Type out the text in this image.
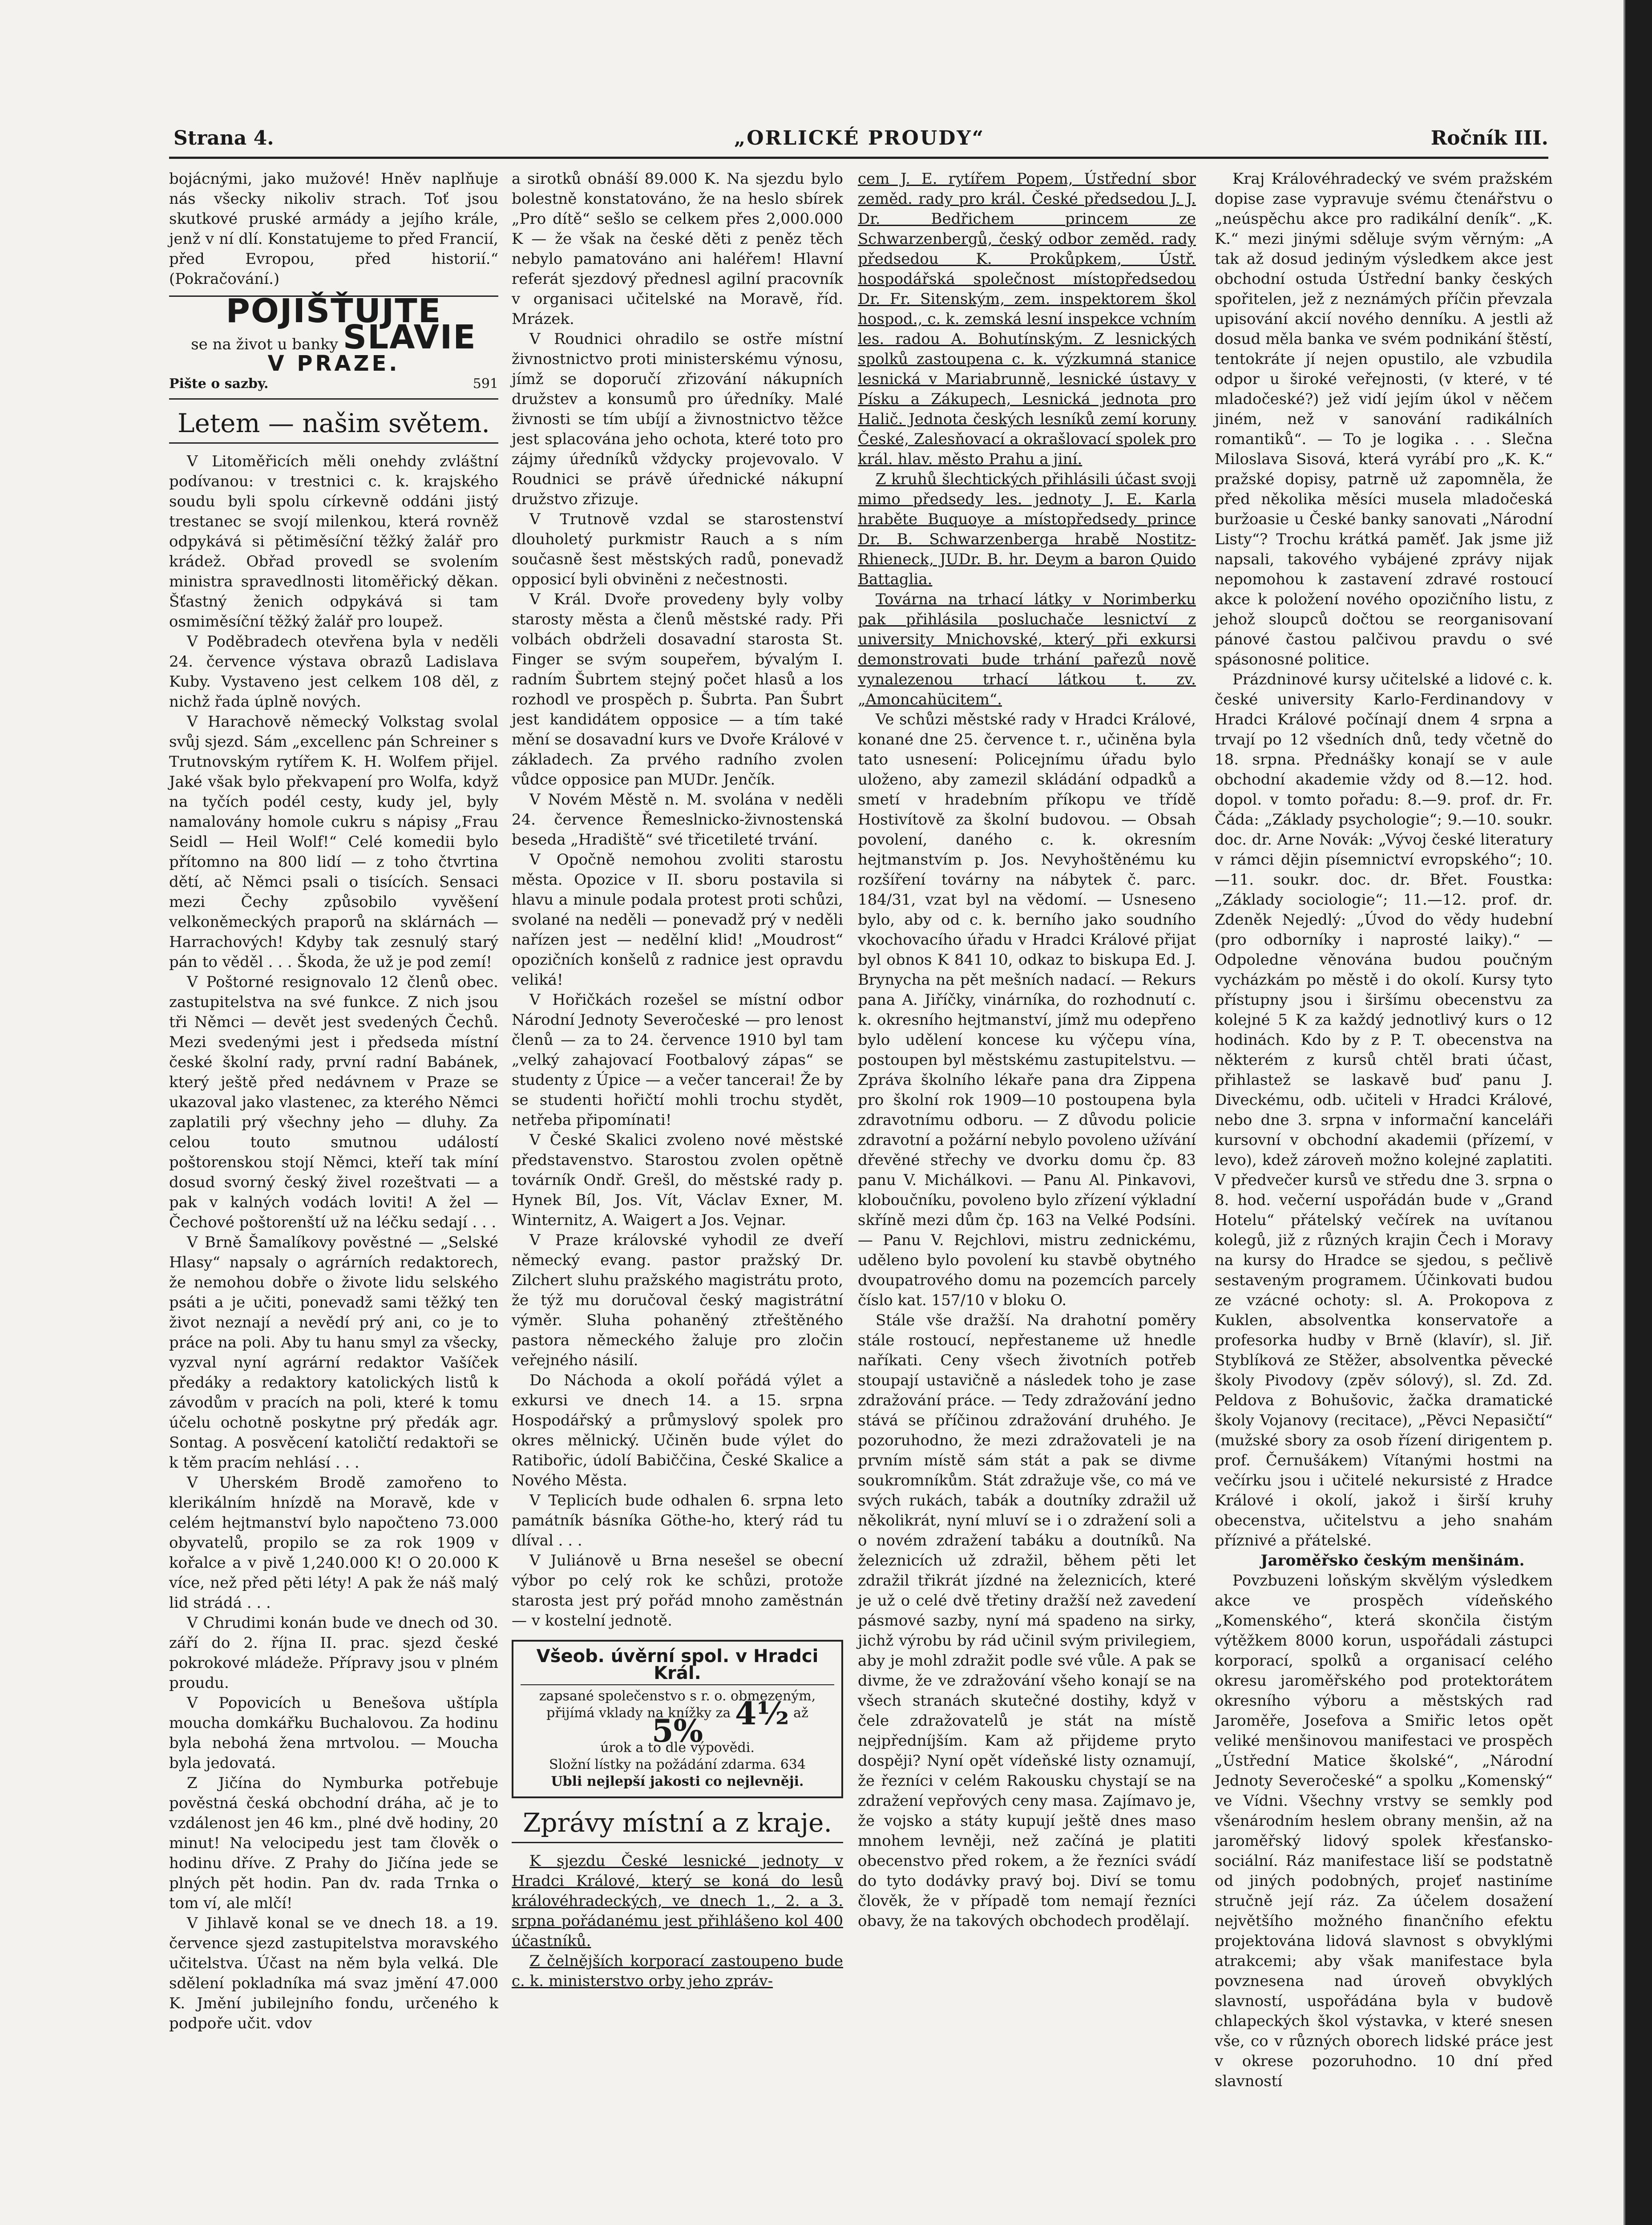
Strana 4.	„ORLICKÉ PROUDY“	Ročník III.

bojácnými, jako mužové! Hněv naplňuje nás všecky nikoliv strach. Toť jsou skutkové pruské armády a jejího krále, jenž v ní dlí. Konstatujeme to před Francií, před Evropou, před historií.“ (Pokračování.)

POJIŠŤUJTE se na život u banky SLAVIE
V PRAZE.
Pište o sazby.	591
Letem — našim světem.

V Litoměřicích měli onehdy zvláštní podívanou: v trestnici c. k. krajského soudu byli spolu církevně oddáni jistý trestanec se svojí milenkou, která rovněž odpykává si pětiměsíční těžký žalář pro krádež. Obřad provedl se svolením ministra spravedlnosti litoměřický děkan. Šťastný ženich odpykává si tam osmiměsíční těžký žalář pro loupež.

V Poděbradech otevřena byla v neděli 24. července výstava obrazů Ladislava Kuby. Vystaveno jest celkem 108 děl, z nichž řada úplně nových.

V Harachově německý Volkstag svolal svůj sjezd. Sám „excellenc pán Schreiner s Trutnovským rytířem K. H. Wolfem přijel. Jaké však bylo překvapení pro Wolfa, když na tyčích podél cesty, kudy jel, byly namalovány homole cukru s nápisy „Frau Seidl — Heil Wolf!“ Celé komedii bylo přítomno na 800 lidí — z toho čtvrtina dětí, ač Němci psali o tisících. Sensaci mezi Čechy způsobilo vyvěšení velkoněmeckých praporů na sklárnách — Harrachových! Kdyby tak zesnulý starý pán to věděl . . . Škoda, že už je pod zemí!

V Poštorné resignovalo 12 členů obec. zastupitelstva na své funkce. Z nich jsou tři Němci — devět jest svedených Čechů. Mezi svedenými jest i předseda místní české školní rady, první radní Babánek, který ještě před nedávnem v Praze se ukazoval jako vlastenec, za kterého Němci zaplatili prý všechny jeho — dluhy. Za celou touto smutnou událostí poštorenskou stojí Němci, kteří tak míní dosud svorný český živel rozeštvati — a pak v kalných vodách loviti! A žel — Čechové poštorenští už na léčku sedají . . .

V Brně Šamalíkovy pověstné — „Selské Hlasy“ napsaly o agrárních redaktorech, že nemohou dobře o živote lidu selského psáti a je učiti, ponevadž sami těžký ten život neznají a nevědí prý ani, co je to práce na poli. Aby tu hanu smyl za všecky, vyzval nyní agrární redaktor Vašíček předáky a redaktory katolických listů k závodům v pracích na poli, které k tomu účelu ochotně poskytne prý předák agr. Sontag. A posvěcení katoličtí redaktoři se k těm pracím nehlásí . . .

V Uherském Brodě zamořeno to klerikálním hnízdě na Moravě, kde v celém hejtmanství bylo napočteno 73.000 obyvatelů, propilo se za rok 1909 v kořalce a v pivě 1,240.000 K! O 20.000 K více, než před pěti léty! A pak že náš malý lid strádá . . .

V Chrudimi konán bude ve dnech od 30. září do 2. října II. prac. sjezd české pokrokové mládeže. Přípravy jsou v plném proudu.

V Popovicích u Benešova uštípla moucha domkářku Buchalovou. Za hodinu byla nebohá žena mrtvolou. — Moucha byla jedovatá.

Z Jičína do Nymburka potřebuje pověstná česká obchodní dráha, ač je to vzdálenost jen 46 km., plné dvě hodiny, 20 minut! Na velocipedu jest tam člověk o hodinu dříve. Z Prahy do Jičína jede se plných pět hodin. Pan dv. rada Trnka o tom ví, ale mlčí!

V Jihlavě konal se ve dnech 18. a 19. července sjezd zastupitelstva moravského učitelstva. Účast na něm byla velká. Dle sdělení pokladníka má svaz jmění 47.000 K. Jmění jubilejního fondu, určeného k podpoře učit. vdov

a sirotků obnáší 89.000 K. Na sjezdu bylo bolestně konstatováno, že na heslo sbírek „Pro dítě“ sešlo se celkem přes 2,000.000 K — že však na české děti z peněz těch nebylo pamatováno ani haléřem! Hlavní referát sjezdový přednesl agilní pracovník v organisaci učitelské na Moravě, říd. Mrázek.

V Roudnici ohradilo se ostře místní živnostnictvo proti ministerskému výnosu, jímž se doporučí zřizování nákupních družstev a konsumů pro úředníky. Malé živnosti se tím ubíjí a živnostnictvo těžce jest splacována jeho ochota, které toto pro zájmy úředníků vždycky projevovalo. V Roudnici se právě úřednické nákupní družstvo zřizuje.

V Trutnově vzdal se starostenství dlouholetý purkmistr Rauch a s ním současně šest městských radů, ponevadž opposicí byli obviněni z nečestnosti.

V Král. Dvoře provedeny byly volby starosty města a členů městské rady. Při volbách obdrželi dosavadní starosta St. Finger se svým soupeřem, bývalým I. radním Šubrtem stejný počet hlasů a los rozhodl ve prospěch p. Šubrta. Pan Šubrt jest kandidátem opposice — a tím také mění se dosavadní kurs ve Dvoře Králové v základech. Za prvého radního zvolen vůdce opposice pan MUDr. Jenčík.

V Novém Městě n. M. svolána v neděli 24. července Řemeslnicko-živnostenská beseda „Hradiště“ své třicetileté trvání.

V Opočně nemohou zvoliti starostu města. Opozice v II. sboru postavila si hlavu a minule podala protest proti schůzi, svolané na neděli — ponevadž prý v neděli nařízen jest — nedělní klid! „Moudrost“ opozičních konšelů z radnice jest opravdu veliká!

V Hořičkách rozešel se místní odbor Národní Jednoty Severočeské — pro lenost členů — za to 24. července 1910 byl tam „velký zahajovací Footbalový zápas“ se studenty z Úpice — a večer tancerai! Že by se studenti hořičtí mohli trochu stydět, netřeba připomínati!

V České Skalici zvoleno nové městské představenstvo. Starostou zvolen opětně továrník Ondř. Grešl, do městské rady p. Hynek Bíl, Jos. Vít, Václav Exner, M. Winternitz, A. Waigert a Jos. Vejnar.

V Praze královské vyhodil ze dveří německý evang. pastor pražský Dr. Zilchert sluhu pražského magistrátu proto, že týž mu doručoval český magistrátní výměr. Sluha pohaněný ztřeštěného pastora německého žaluje pro zločin veřejného násilí.

Do Náchoda a okolí pořádá výlet a exkursi ve dnech 14. a 15. srpna Hospodářský a průmyslový spolek pro okres mělnický. Učiněn bude výlet do Ratibořic, údolí Babiččina, České Skalice a Nového Města.

V Teplicích bude odhalen 6. srpna leto památník básníka Göthe-ho, který rád tu dlíval . . .

V Juliánově u Brna nesešel se obecní výbor po celý rok ke schůzi, protože starosta jest prý pořád mnoho zaměstnán — v kostelní jednotě.

Všeob. úvěrní spol. v Hradci Král.
zapsané společenstvo s r. o. obmezeným,
přijímá vklady na knížky za 4½ až 5%
úrok a to dle výpovědi.
Složní lístky na požádání zdarma. 634
Ubli nejlepší jakosti co nejlevněji.
Zprávy místní a z kraje.

K sjezdu České lesnické jednoty v Hradci Králové, který se koná do lesů královéhradeckých, ve dnech 1., 2. a 3. srpna pořádanému jest přihlášeno kol 400 účastníků.

Z čelnějších korporací zastoupeno bude c. k. ministerstvo orby jeho zpráv-

cem J. E. rytířem Popem, Ústřední sbor zeměd. rady pro král. České předsedou J. J. Dr. Bedřichem princem ze Schwarzenbergů, český odbor zeměd. rady předsedou K. Prokůpkem, Ústř. hospodářská společnost místopředsedou Dr. Fr. Sitenským, zem. inspektorem škol hospod., c. k. zemská lesní inspekce vchním les. radou A. Bohutínským. Z lesnických spolků zastoupena c. k. výzkumná stanice lesnická v Mariabrunně, lesnické ústavy v Písku a Zákupech, Lesnická jednota pro Halič. Jednota českých lesníků zemí koruny České, Zalesňovací a okrašlovací spolek pro král. hlav. město Prahu a jiní.

Z kruhů šlechtických přihlásili účast svoji mimo předsedy les. jednoty J. E. Karla hraběte Buquoye a místopředsedy prince Dr. B. Schwarzenberga hrabě Nostitz-Rhieneck, JUDr. B. hr. Deym a baron Quido Battaglia.

Továrna na trhací látky v Norimberku pak přihlásila posluchače lesnictví z university Mnichovské, který při exkursi demonstrovati bude trhání pařezů nově vynalezenou trhací látkou t. zv. „Amoncahücitem“.

Ve schůzi městské rady v Hradci Králové, konané dne 25. července t. r., učiněna byla tato usnesení: Policejnímu úřadu bylo uloženo, aby zamezil skládání odpadků a smetí v hradebním příkopu ve třídě Hostivítově za školní budovou. — Obsah povolení, daného c. k. okresním hejtmanstvím p. Jos. Nevyhoštěnému ku rozšíření továrny na nábytek č. parc. 184/31, vzat byl na vědomí. — Usneseno bylo, aby od c. k. berního jako soudního vkochovacího úřadu v Hradci Králové přijat byl obnos K 841 10, odkaz to biskupa Ed. J. Brynycha na pět mešních nadací. — Rekurs pana A. Jiříčky, vinárníka, do rozhodnutí c. k. okresního hejtmanství, jímž mu odepřeno bylo udělení koncese ku výčepu vína, postoupen byl městskému zastupitelstvu. — Zpráva školního lékaře pana drа Zippena pro školní rok 1909—10 postoupena byla zdravotnímu odboru. — Z důvodu policie zdravotní a požární nebylo povoleno užívání dřevěné střechy ve dvorku domu čp. 83 panu V. Michálkovi. — Panu Al. Pinkavovi, kloboučníku, povoleno bylo zřízení výkladní skříně mezi dům čp. 163 na Velké Podsíni. — Panu V. Rejchlovi, mistru zednickému, uděleno bylo povolení ku stavbě obytného dvoupatrového domu na pozemcích parcely číslo kat. 157/10 v bloku O.

Stále vše dražší. Na drahotní poměry stále rostoucí, nepřestaneme už hnedle naříkati. Ceny všech životních potřeb stoupají ustavičně a následek toho je zase zdražování práce. — Tedy zdražování jedno stává se příčinou zdražování druhého. Je pozoruhodno, že mezi zdražovateli je na prvním místě sám stát a pak se divme soukromníkům. Stát zdražuje vše, co má ve svých rukách, tabák a doutníky zdražil už několikrát, nyní mluví se i o zdražení soli a o novém zdražení tabáku a doutníků. Na železnicích už zdražil, během pěti let zdražil třikrát jízdné na železnicích, které je už o celé dvě třetiny dražší než zavedení pásmové sazby, nyní má spadeno na sirky, jichž výrobu by rád učinil svým privilegiem, aby je mohl zdražit podle své vůle. A pak se divme, že ve zdražování všeho konají se na všech stranách skutečné dostihy, když v čele zdražovatelů je stát na místě nejpředníjším. Kam až přijdeme pryto dospěji? Nyní opět vídeňské listy oznamují, že řezníci v celém Rakousku chystají se na zdražení vepřových ceny masa. Zajímavo je, že vojsko a státy kupují ještě dnes maso mnohem levněji, než začíná je platiti obecenstvo před rokem, a že řezníci svádí do tyto dodávky pravý boj. Diví se tomu člověk, že v případě tom nemají řezníci obavy, že na takových obchodech prodělají.

Kraj Královéhradecký ve svém pražském dopise zase vypravuje svému čtenářstvu o „neúspěchu akce pro radikální deník“. „K. K.“ mezi jinými sděluje svým věrným: „A tak až dosud jediným výsledkem akce jest obchodní ostuda Ústřední banky českých spořitelen, jež z neznámých příčin převzala upisování akcií nového denníku. A jestli až dosud měla banka ve svém podnikání štěstí, tentokráte jí nejen opustilo, ale vzbudila odpor u široké veřejnosti, (v které, v té mladočeské?) jež vidí jejím úkol v něčem jiném, než v sanování radikálních romantiků“. — To je logika . . . Slečna Miloslava Sisová, která vyrábí pro „K. K.“ pražské dopisy, patrně už zapomněla, že před několika měsíci musela mladočeská buržoasie u České banky sanovati „Národní Listy“? Trochu krátká paměť. Jak jsme již napsali, takového vybájené zprávy nijak nepomohou k zastavení zdravé rostoucí akce k položení nového opozičního listu, z jehož sloupců dočtou se reorganisovaní pánové častou palčivou pravdu o své spásonosné politice.

Prázdninové kursy učitelské a lidové c. k. české university Karlo-Ferdinandovy v Hradci Králové počínají dnem 4 srpna a trvají po 12 všedních dnů, tedy včetně do 18. srpna. Přednášky konají se v aule obchodní akademie vždy od 8.—12. hod. dopol. v tomto pořadu: 8.—9. prof. dr. Fr. Čáda: „Základy psychologie“; 9.—10. soukr. doc. dr. Arne Novák: „Vývoj české literatury v rámci dějin písemnictví evropského“; 10.—11. soukr. doc. dr. Břet. Foustka: „Základy sociologie“; 11.—12. prof. dr. Zdeněk Nejedlý: „Úvod do vědy hudební (pro odborníky i naprosté laiky).“ — Odpoledne věnována budou poučným vycházkám po městě i do okolí. Kursy tyto přístupny jsou i širšímu obecenstvu za kolejné 5 K za každý jednotlivý kurs o 12 hodinách. Kdo by z P. T. obecenstva na některém z kursů chtěl brati účast, přihlastež se laskavě buď panu J. Diveckému, odb. učiteli v Hradci Králové, nebo dne 3. srpna v informační kanceláři kursovní v obchodní akademii (přízemí, v levo), kdež zároveň možno kolejné zaplatiti. V předvečer kursů ve středu dne 3. srpna o 8. hod. večerní uspořádán bude v „Grand Hotelu“ přátelský večírek na uvítanou kolegů, již z různých krajin Čech i Moravy na kursy do Hradce se sjedou, s pečlivě sestaveným programem. Účinkovati budou ze vzácné ochoty: sl. A. Prokopova z Kuklen, absolventka konservatoře a profesorka hudby v Brně (klavír), sl. Jiř. Styblíková ze Stěžer, absolventka pěvecké školy Pivodovy (zpěv sólový), sl. Zd. Zd. Peldova z Bohušovic, žačka dramatické školy Vojanovy (recitace), „Pěvci Nepasičtí“ (mužské sbory za osob řízení dirigentem p. prof. Černušákem) Vítanými hostmi na večírku jsou i učitelé nekursisté z Hradce Králové i okolí, jakož i širší kruhy obecenstva, učitelstvu a jeho snahám příznivé a přátelské.

Jaroměřsko českým menšinám.

Povzbuzeni loňským skvělým výsledkem akce ve prospěch vídeňského „Komenského“, která skončila čistým výtěžkem 8000 korun, uspořádali zástupci korporací, spolků a organisací celého okresu jaroměřského pod protektorátem okresního výboru a městských rad Jaroměře, Josefova a Smiřic letos opět veliké menšinovou manifestaci ve prospěch „Ústřední Matice školské“, „Národní Jednoty Severočeské“ a spolku „Komenský“ ve Vídni. Všechny vrstvy se semkly pod všenárodním heslem obrany menšin, až na jaroměřský lidový spolek křesťansko-sociální. Ráz manifestace liší se podstatně od jiných podobných, projeť nastiníme stručně její ráz. Za účelem dosažení největšího možného finančního efektu projektována lidová slavnost s obvyklými atrakcemi; aby však manifestace byla povznesena nad úroveň obvyklých slavností, uspořádána byla v budově chlapeckých škol výstavka, v které snesen vše, co v různých oborech lidské práce jest v okrese pozoruhodno. 10 dní před slavností
